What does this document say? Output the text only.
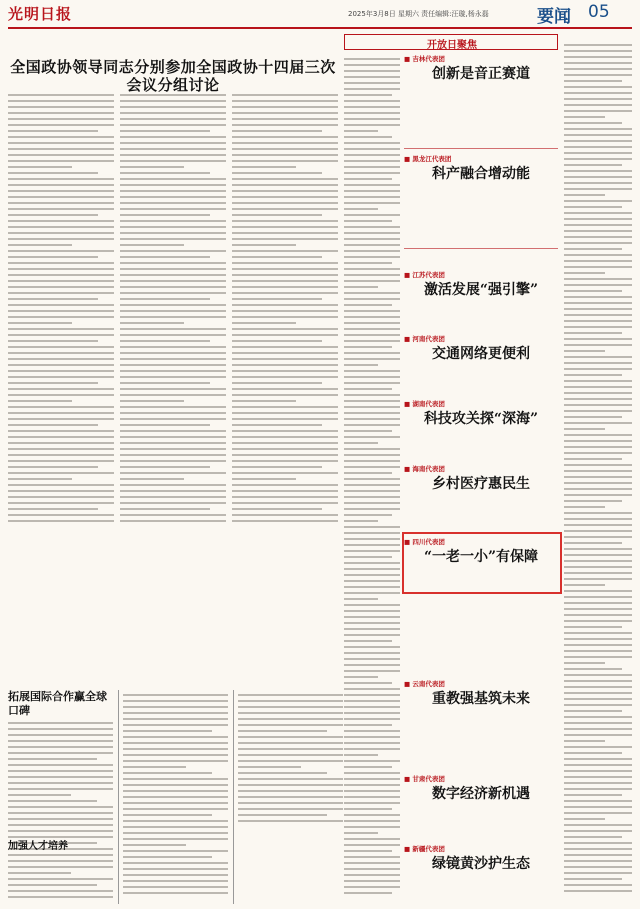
光明日报	2025年3月8日 星期六 责任编辑:汪璇,杨永磊	要闻 05
全国政协领导同志分别参加全国政协十四届三次会议分组讨论
拓展国际合作赢全球口碑
加强人才培养
开放日聚焦
■ 吉林代表团
创新是音正赛道
■ 黑龙江代表团
科产融合增动能
■ 江苏代表团
激活发展“强引擎”
■ 河南代表团
交通网络更便利
■ 湖南代表团
科技攻关探“深海”
■ 海南代表团
乡村医疗惠民生
■ 四川代表团
“一老一小”有保障
■ 云南代表团
重教强基筑未来
■ 甘肃代表团
数字经济新机遇
■ 新疆代表团
绿镜黄沙护生态
